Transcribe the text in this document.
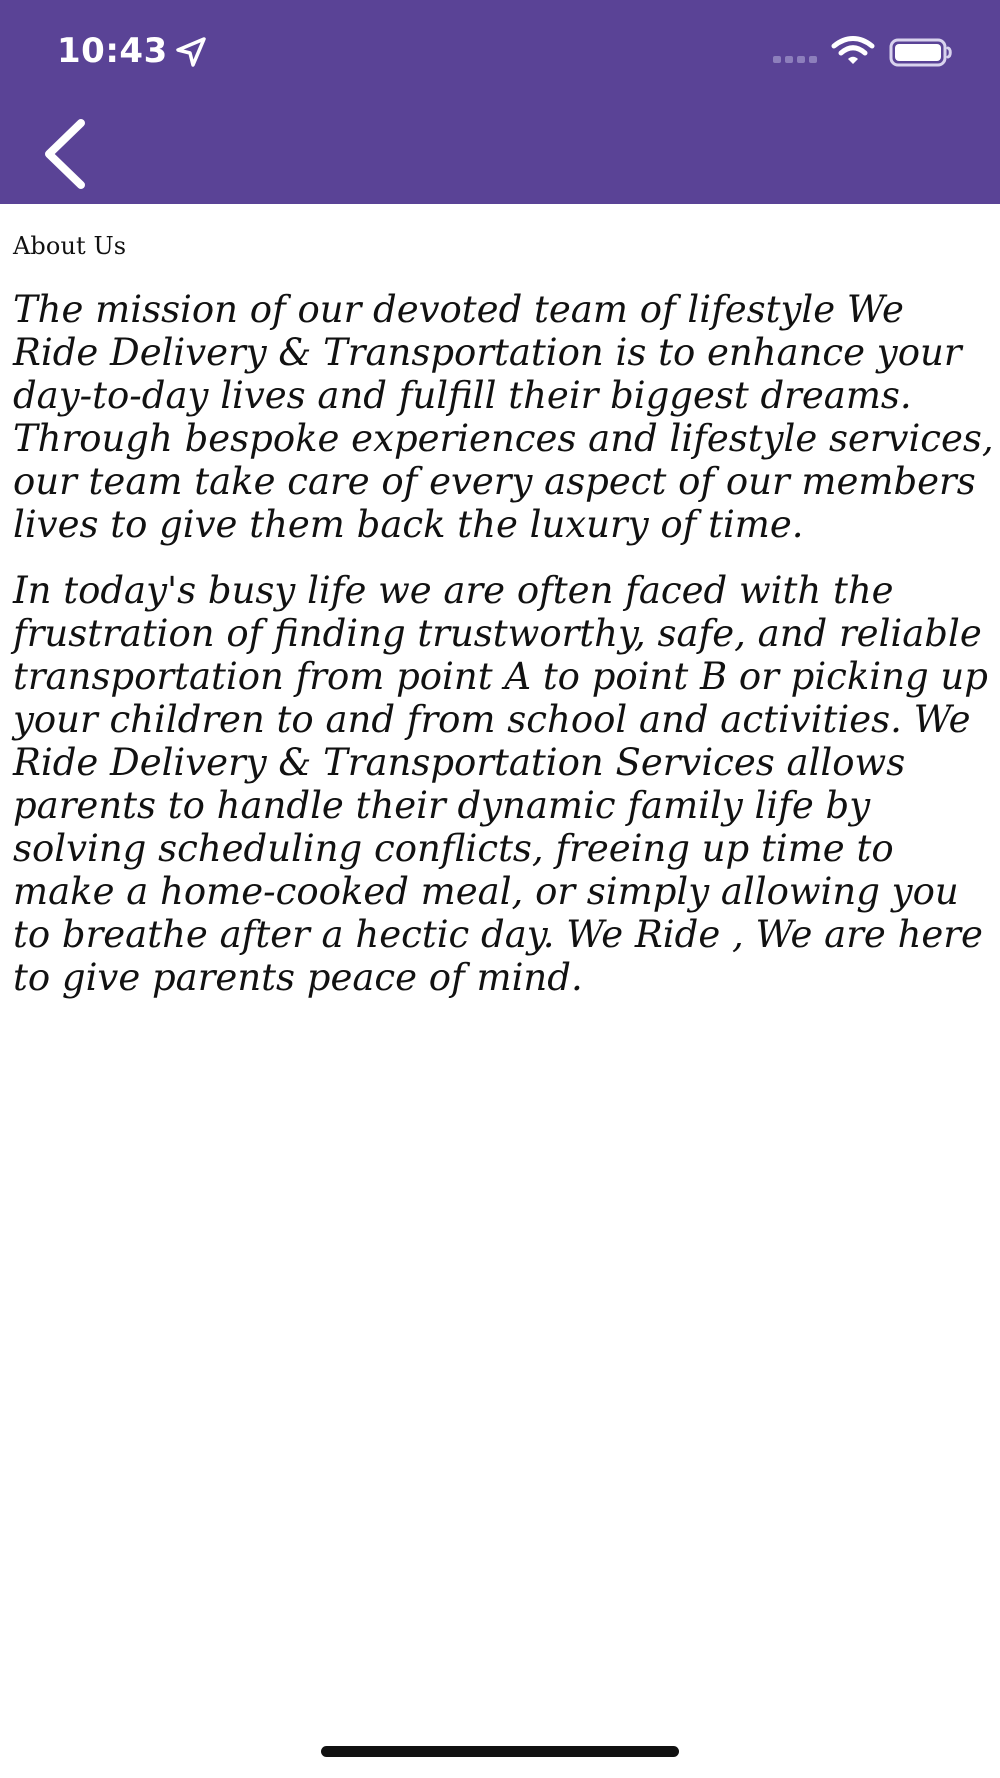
10:43
About Us

The mission of our devoted team of lifestyle We Ride Delivery & Transportation is to enhance your day-to-day lives and fulfill their biggest dreams. Through bespoke experiences and lifestyle services, our team take care of every aspect of our members lives to give them back the luxury of time.

In today's busy life we are often faced with the frustration of finding trustworthy, safe, and reliable transportation from point A to point B or picking up your children to and from school and activities. We Ride Delivery & Transportation Services allows parents to handle their dynamic family life by solving scheduling conflicts, freeing up time to make a home-cooked meal, or simply allowing you to breathe after a hectic day. We Ride , We are here to give parents peace of mind.
